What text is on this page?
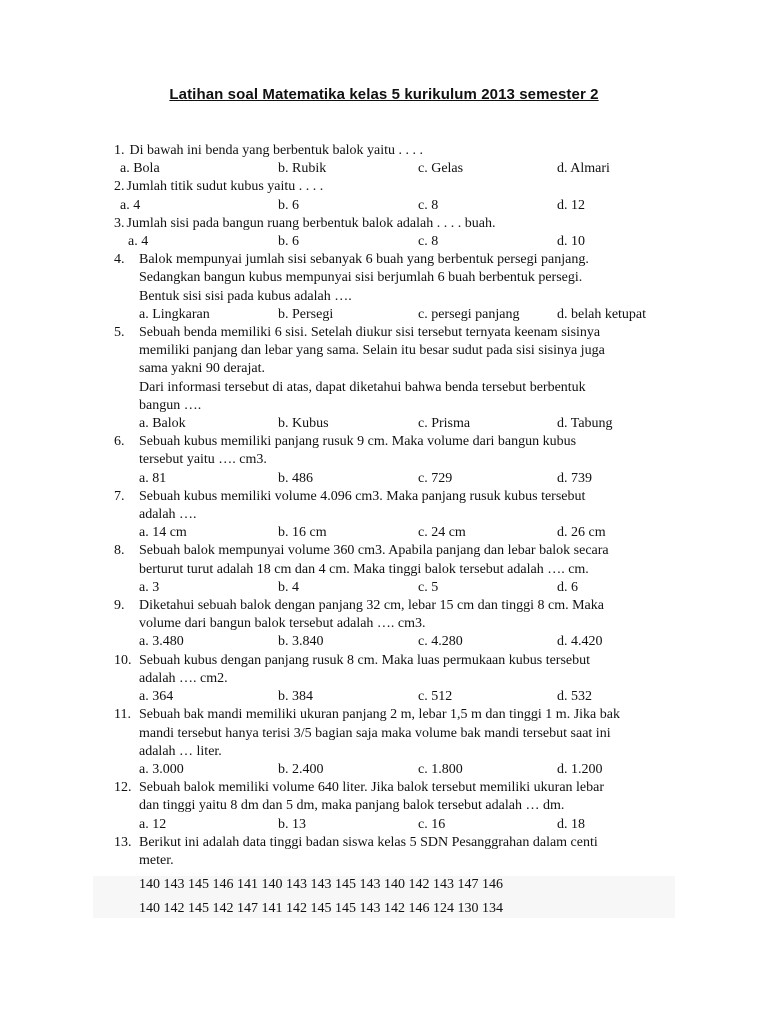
Latihan soal Matematika kelas 5 kurikulum 2013 semester 2
1. Di bawah ini benda yang berbentuk balok yaitu . . . .
a. Bola	b. Rubik	c. Gelas	d. Almari
2. Jumlah titik sudut kubus yaitu . . . .
a. 4	b. 6	c. 8	d. 12
3. Jumlah sisi pada bangun ruang berbentuk balok adalah . . . . buah.
a. 4	b. 6	c. 8	d. 10
4.	Balok mempunyai jumlah sisi sebanyak 6 buah yang berbentuk persegi panjang.
Sedangkan bangun kubus mempunyai sisi berjumlah 6 buah berbentuk persegi.
Bentuk sisi sisi pada kubus adalah ….
a. Lingkaran	b. Persegi	c. persegi panjang	d. belah ketupat
5.	Sebuah benda memiliki 6 sisi. Setelah diukur sisi tersebut ternyata keenam sisinya
memiliki panjang dan lebar yang sama. Selain itu besar sudut pada sisi sisinya juga
sama yakni 90 derajat.
Dari informasi tersebut di atas, dapat diketahui bahwa benda tersebut berbentuk
bangun ….
a. Balok	b. Kubus	c. Prisma	d. Tabung
6.	Sebuah kubus memiliki panjang rusuk 9 cm. Maka volume dari bangun kubus
tersebut yaitu …. cm3.
a. 81	b. 486	c. 729	d. 739
7.	Sebuah kubus memiliki volume 4.096 cm3. Maka panjang rusuk kubus tersebut
adalah ….
a. 14 cm	b. 16 cm	c. 24 cm	d. 26 cm
8.	Sebuah balok mempunyai volume 360 cm3. Apabila panjang dan lebar balok secara
berturut turut adalah 18 cm dan 4 cm. Maka tinggi balok tersebut adalah …. cm.
a. 3	b. 4	c. 5	d. 6
9.	Diketahui sebuah balok dengan panjang 32 cm, lebar 15 cm dan tinggi 8 cm. Maka
volume dari bangun balok tersebut adalah …. cm3.
a. 3.480	b. 3.840	c. 4.280	d. 4.420
10. Sebuah kubus dengan panjang rusuk 8 cm. Maka luas permukaan kubus tersebut
adalah …. cm2.
a. 364	b. 384	c. 512	d. 532
11. Sebuah bak mandi memiliki ukuran panjang 2 m, lebar 1,5 m dan tinggi 1 m. Jika bak
mandi tersebut hanya terisi 3/5 bagian saja maka volume bak mandi tersebut saat ini
adalah … liter.
a. 3.000	b. 2.400	c. 1.800	d. 1.200
12. Sebuah balok memiliki volume 640 liter. Jika balok tersebut memiliki ukuran lebar
dan tinggi yaitu 8 dm dan 5 dm, maka panjang balok tersebut adalah … dm.
a. 12	b. 13	c. 16	d. 18
13. Berikut ini adalah data tinggi badan siswa kelas 5 SDN Pesanggrahan dalam centi
meter.
140 143 145 146 141 140 143 143 145 143 140 142 143 147 146
140 142 145 142 147 141 142 145 145 143 142 146 124 130 134
